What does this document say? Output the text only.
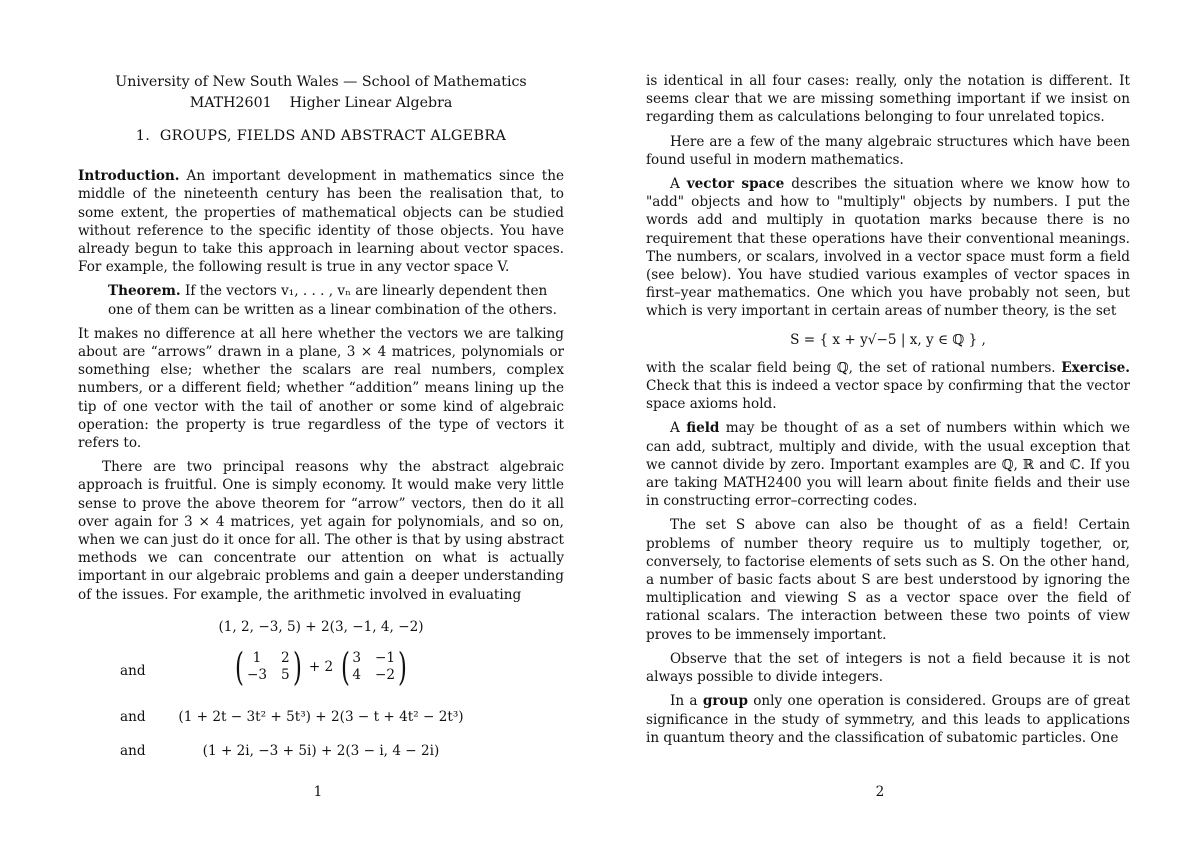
University of New South Wales — School of Mathematics
MATH2601    Higher Linear Algebra
1.  GROUPS, FIELDS AND ABSTRACT ALGEBRA

Introduction. An important development in mathematics since the middle of the nineteenth century has been the realisation that, to some extent, the properties of mathematical objects can be studied without reference to the specific identity of those objects. You have already begun to take this approach in learning about vector spaces. For example, the following result is true in any vector space V.

Theorem. If the vectors v₁, . . . , vₙ are linearly dependent then one of them can be written as a linear combination of the others.

It makes no difference at all here whether the vectors we are talking about are “arrows” drawn in a plane, 3 × 4 matrices, polynomials or something else; whether the scalars are real numbers, complex numbers, or a different field; whether “addition” means lining up the tip of one vector with the tail of another or some kind of algebraic operation: the property is true regardless of the type of vectors it refers to.

There are two principal reasons why the abstract algebraic approach is fruitful. One is simply economy. It would make very little sense to prove the above theorem for “arrow” vectors, then do it all over again for 3 × 4 matrices, yet again for polynomials, and so on, when we can just do it once for all. The other is that by using abstract methods we can concentrate our attention on what is actually important in our algebraic problems and gain a deeper understanding of the issues. For example, the arithmetic involved in evaluating

(1, 2, −3, 5) + 2(3, −1, 4, −2)
and ( 1	2
−3 5 ) + 2 ( 3 −1
4 −2 )
and	(1 + 2t − 3t² + 5t³) + 2(3 − t + 4t² − 2t³)
and	(1 + 2i, −3 + 5i) + 2(3 − i, 4 − 2i)
1

is identical in all four cases: really, only the notation is different. It seems clear that we are missing something important if we insist on regarding them as calculations belonging to four unrelated topics.

Here are a few of the many algebraic structures which have been found useful in modern mathematics.

A vector space describes the situation where we know how to "add" objects and how to "multiply" objects by numbers. I put the words add and multiply in quotation marks because there is no requirement that these operations have their conventional meanings. The numbers, or scalars, involved in a vector space must form a field (see below). You have studied various examples of vector spaces in first–year mathematics. One which you have probably not seen, but which is very important in certain areas of number theory, is the set

S = { x + y√−5 | x, y ∈ ℚ } ,

with the scalar field being ℚ, the set of rational numbers. Exercise. Check that this is indeed a vector space by confirming that the vector space axioms hold.

A field may be thought of as a set of numbers within which we can add, subtract, multiply and divide, with the usual exception that we cannot divide by zero. Important examples are ℚ, ℝ and ℂ. If you are taking MATH2400 you will learn about finite fields and their use in constructing error–correcting codes.

The set S above can also be thought of as a field! Certain problems of number theory require us to multiply together, or, conversely, to factorise elements of sets such as S. On the other hand, a number of basic facts about S are best understood by ignoring the multiplication and viewing S as a vector space over the field of rational scalars. The interaction between these two points of view proves to be immensely important.

Observe that the set of integers is not a field because it is not always possible to divide integers.

In a group only one operation is considered. Groups are of great significance in the study of symmetry, and this leads to applications in quantum theory and the classification of subatomic particles. One

2
